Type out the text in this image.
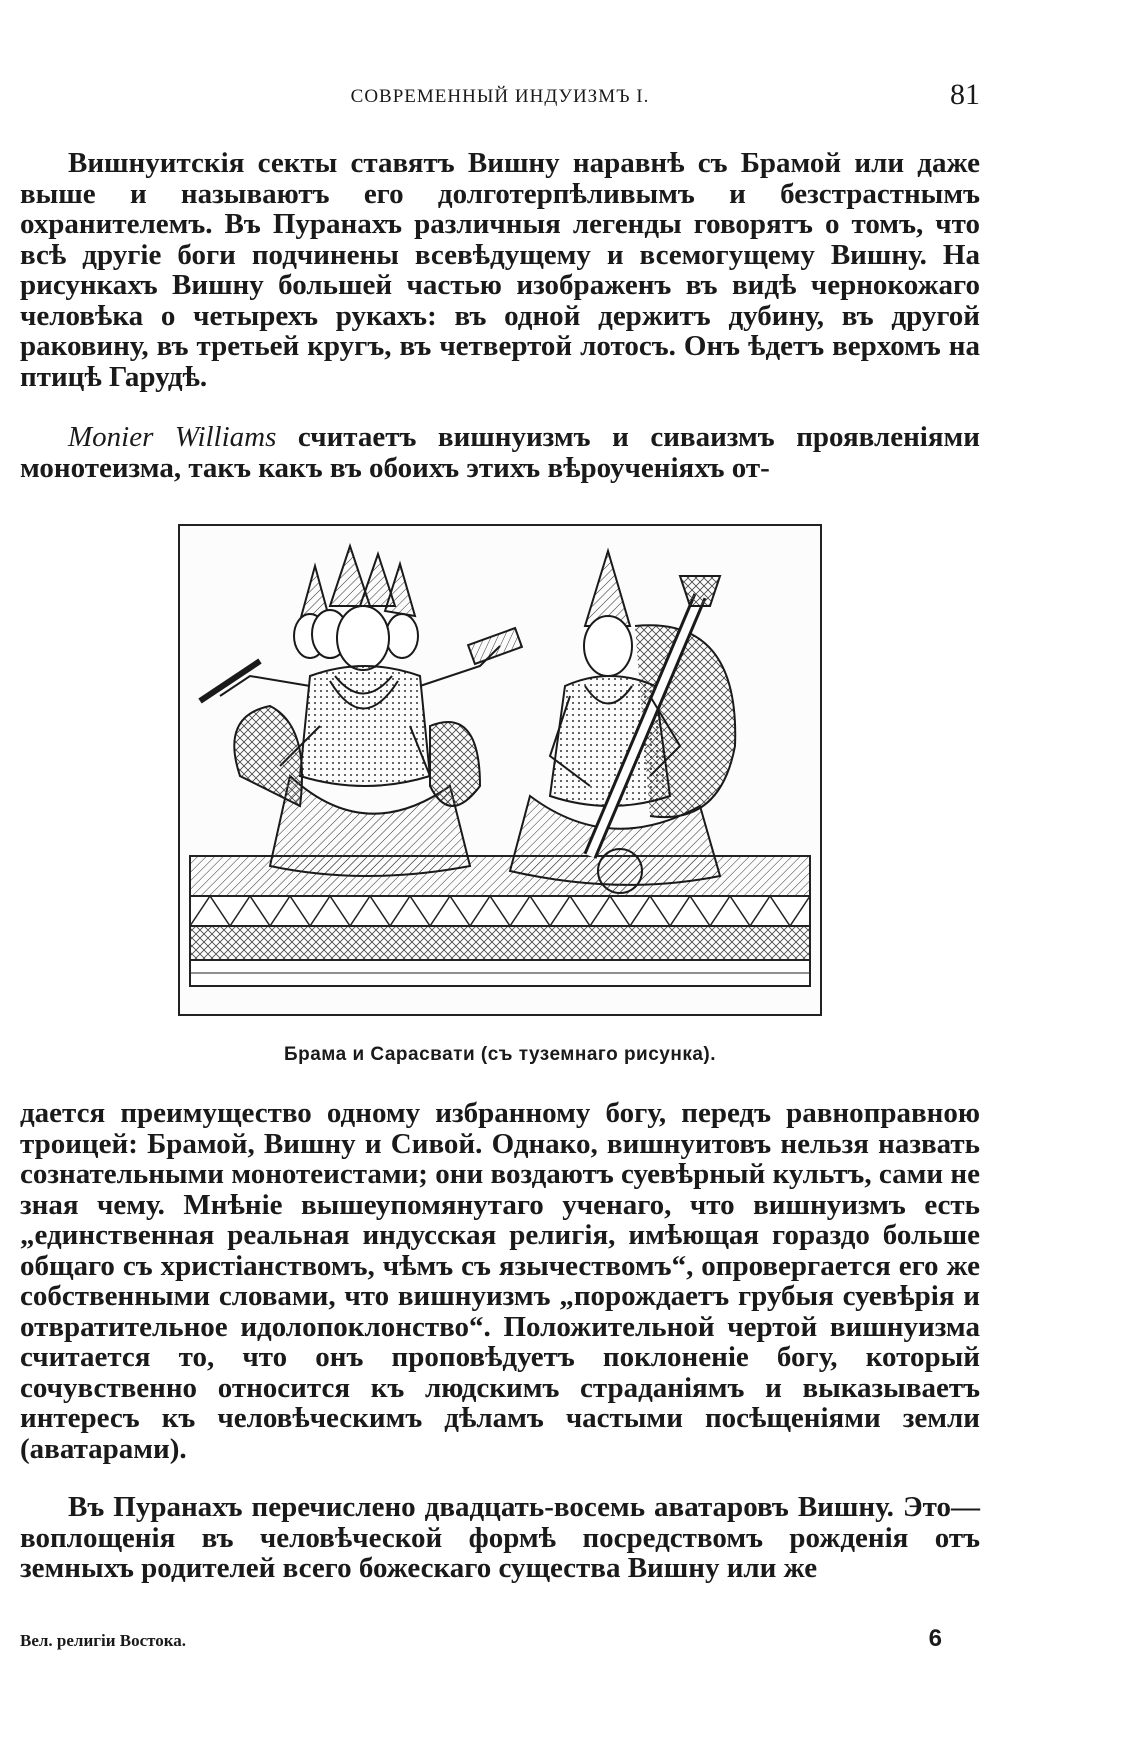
СОВРЕМЕННЫЙ ИНДУИЗМЪ I.	81

Вишнуитскія секты ставятъ Вишну наравнѣ съ Брамой или даже выше и называютъ его долготерпѣливымъ и безстрастнымъ охранителемъ. Въ Пуранахъ различныя легенды говорятъ о томъ, что всѣ другіе боги подчинены всевѣдущему и всемогущему Вишну. На рисункахъ Вишну большей частью изображенъ въ видѣ чернокожаго человѣка о четырехъ рукахъ: въ одной держитъ дубину, въ другой раковину, въ третьей кругъ, въ четвертой лотосъ. Онъ ѣдетъ верхомъ на птицѣ Гарудѣ.

Monier Williams считаетъ вишнуизмъ и сиваизмъ проявленіями монотеизма, такъ какъ въ обоихъ этихъ вѣроученіяхъ от-

Брама и Сарасвати (съ туземнаго рисунка).

дается преимущество одному избранному богу, передъ равноправною троицей: Брамой, Вишну и Сивой. Однако, вишнуитовъ нельзя назвать сознательными монотеистами; они воздаютъ суевѣрный культъ, сами не зная чему. Мнѣніе вышеупомянутаго ученаго, что вишнуизмъ есть „единственная реальная индусская религія, имѣющая гораздо больше общаго съ христіанствомъ, чѣмъ съ язычествомъ“, опровергается его же собственными словами, что вишнуизмъ „порождаетъ грубыя суевѣрія и отвратительное идолопоклонство“. Положительной чертой вишнуизма считается то, что онъ проповѣдуетъ поклоненіе богу, который сочувственно относится къ людскимъ страданіямъ и выказываетъ интересъ къ человѣческимъ дѣламъ частыми посѣщеніями земли (аватарами).

Въ Пуранахъ перечислено двадцать-восемь аватаровъ Вишну. Это—воплощенія въ человѣческой формѣ посредствомъ рожденія отъ земныхъ родителей всего божескаго существа Вишну или же

Вел. религіи Востока.	6
